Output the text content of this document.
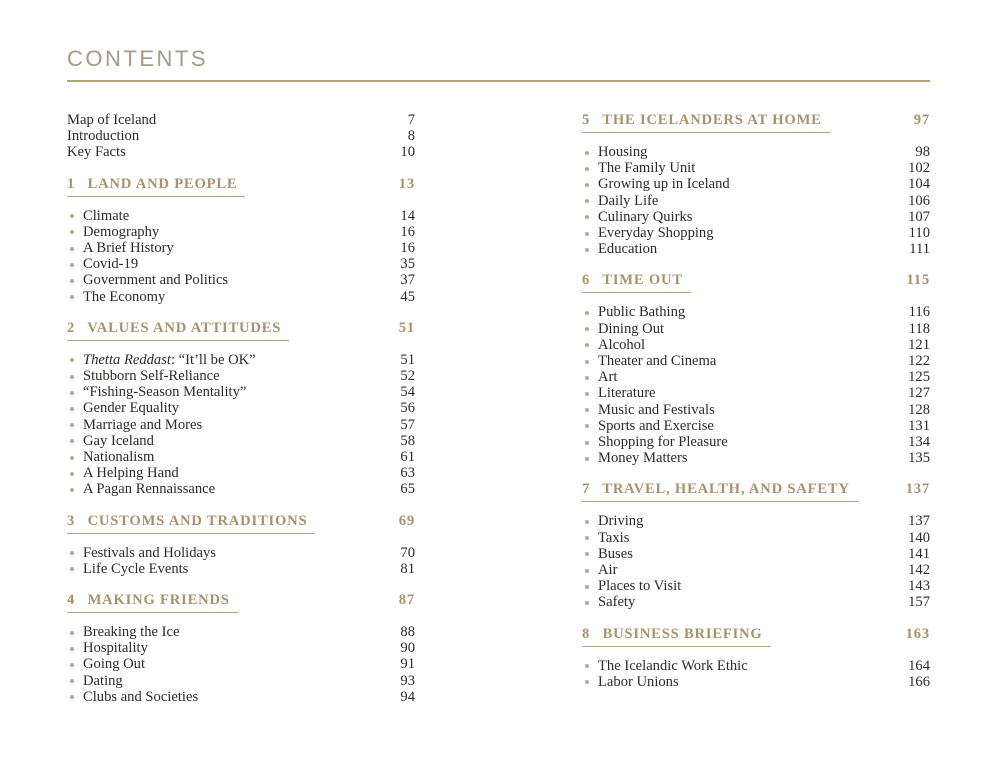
CONTENTS
Map of Iceland	7
Introduction	8
Key Facts	10
1 LAND AND PEOPLE	13
Climate	14
Demography	16
A Brief History	16
Covid-19	35
Government and Politics	37
The Economy	45
2 VALUES AND ATTITUDES	51
Thetta Reddast: “It’ll be OK”	51
Stubborn Self-Reliance	52
“Fishing-Season Mentality”	54
Gender Equality	56
Marriage and Mores	57
Gay Iceland	58
Nationalism	61
A Helping Hand	63
A Pagan Rennaissance	65
3 CUSTOMS AND TRADITIONS	69
Festivals and Holidays	70
Life Cycle Events	81
4 MAKING FRIENDS	87
Breaking the Ice	88
Hospitality	90
Going Out	91
Dating	93
Clubs and Societies	94
5 THE ICELANDERS AT HOME	97
Housing	98
The Family Unit	102
Growing up in Iceland	104
Daily Life	106
Culinary Quirks	107
Everyday Shopping	110
Education	111
6 TIME OUT	115
Public Bathing	116
Dining Out	118
Alcohol	121
Theater and Cinema	122
Art	125
Literature	127
Music and Festivals	128
Sports and Exercise	131
Shopping for Pleasure	134
Money Matters	135
7 TRAVEL, HEALTH, AND SAFETY	137
Driving	137
Taxis	140
Buses	141
Air	142
Places to Visit	143
Safety	157
8 BUSINESS BRIEFING	163
The Icelandic Work Ethic	164
Labor Unions	166
